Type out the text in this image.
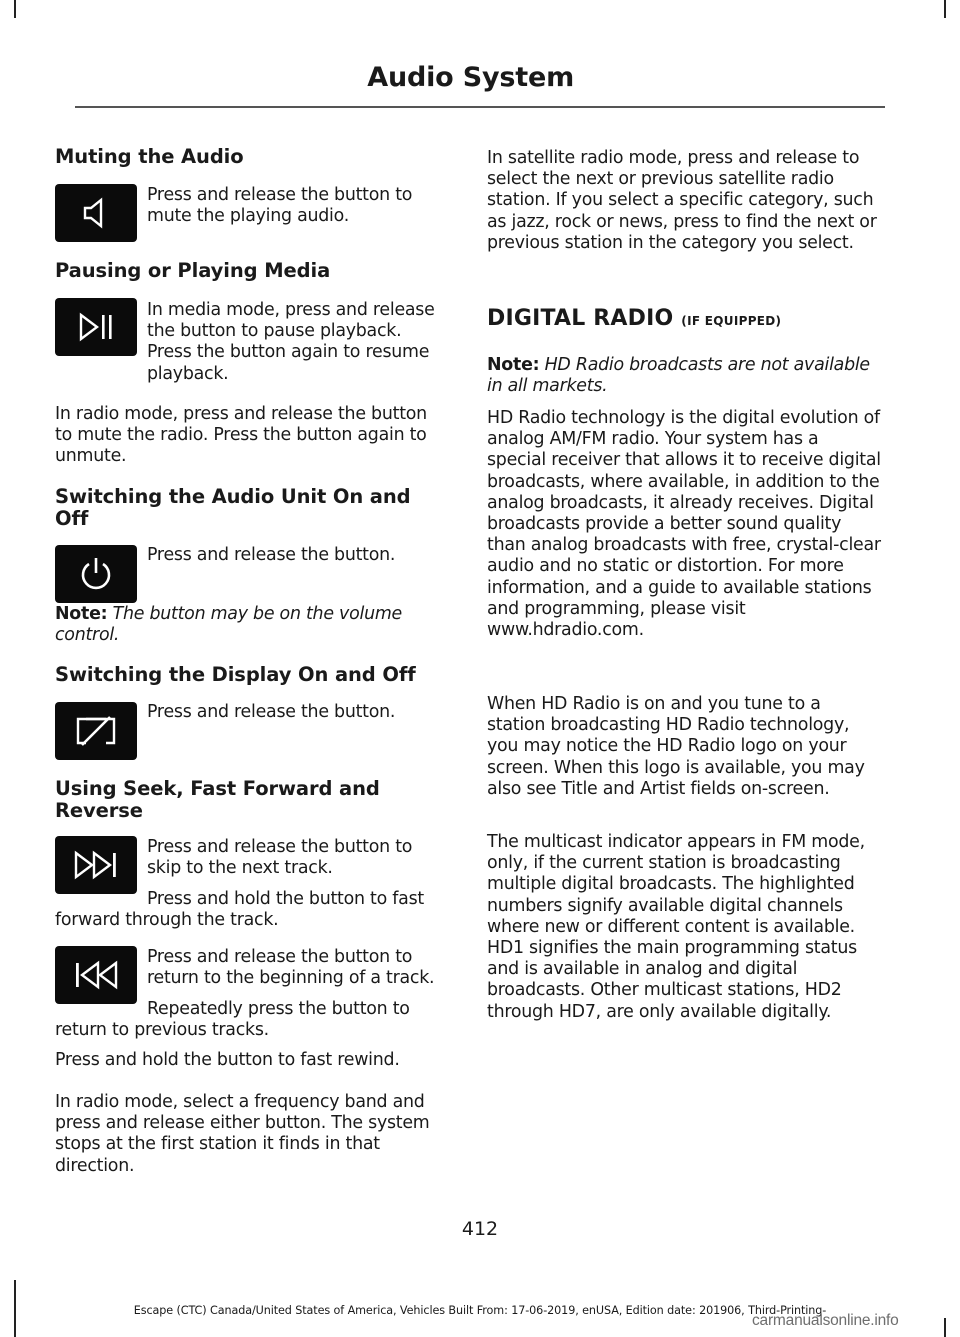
Audio System
Muting the Audio
Press and release the button to mute the playing audio.
Pausing or Playing Media
In media mode, press and release the button to pause playback. Press the button again to resume playback.
In radio mode, press and release the button to mute the radio. Press the button again to unmute.
Switching the Audio Unit On and Off
Press and release the button.
Note: The button may be on the volume control.
Switching the Display On and Off
Press and release the button.
Using Seek, Fast Forward and Reverse
Press and release the button to skip to the next track.
Press and hold the button to fast forward through the track.
Press and release the button to return to the beginning of a track.
Repeatedly press the button to return to previous tracks.
Press and hold the button to fast rewind.
In radio mode, select a frequency band and press and release either button. The system stops at the first station it finds in that direction.
In satellite radio mode, press and release to select the next or previous satellite radio station. If you select a specific category, such as jazz, rock or news, press to find the next or previous station in the category you select.
DIGITAL RADIO (IF EQUIPPED)
Note: HD Radio broadcasts are not available in all markets.
HD Radio technology is the digital evolution of analog AM/FM radio. Your system has a special receiver that allows it to receive digital broadcasts, where available, in addition to the analog broadcasts, it already receives. Digital broadcasts provide a better sound quality than analog broadcasts with free, crystal-clear audio and no static or distortion. For more information, and a guide to available stations and programming, please visit www.hdradio.com.
When HD Radio is on and you tune to a station broadcasting HD Radio technology, you may notice the HD Radio logo on your screen. When this logo is available, you may also see Title and Artist fields on-screen.
The multicast indicator appears in FM mode, only, if the current station is broadcasting multiple digital broadcasts. The highlighted numbers signify available digital channels where new or different content is available. HD1 signifies the main programming status and is available in analog and digital broadcasts. Other multicast stations, HD2 through HD7, are only available digitally.
412
Escape (CTC) Canada/United States of America, Vehicles Built From: 17-06-2019, enUSA, Edition date: 201906, Third-Printing-
carmanualsonline.info
